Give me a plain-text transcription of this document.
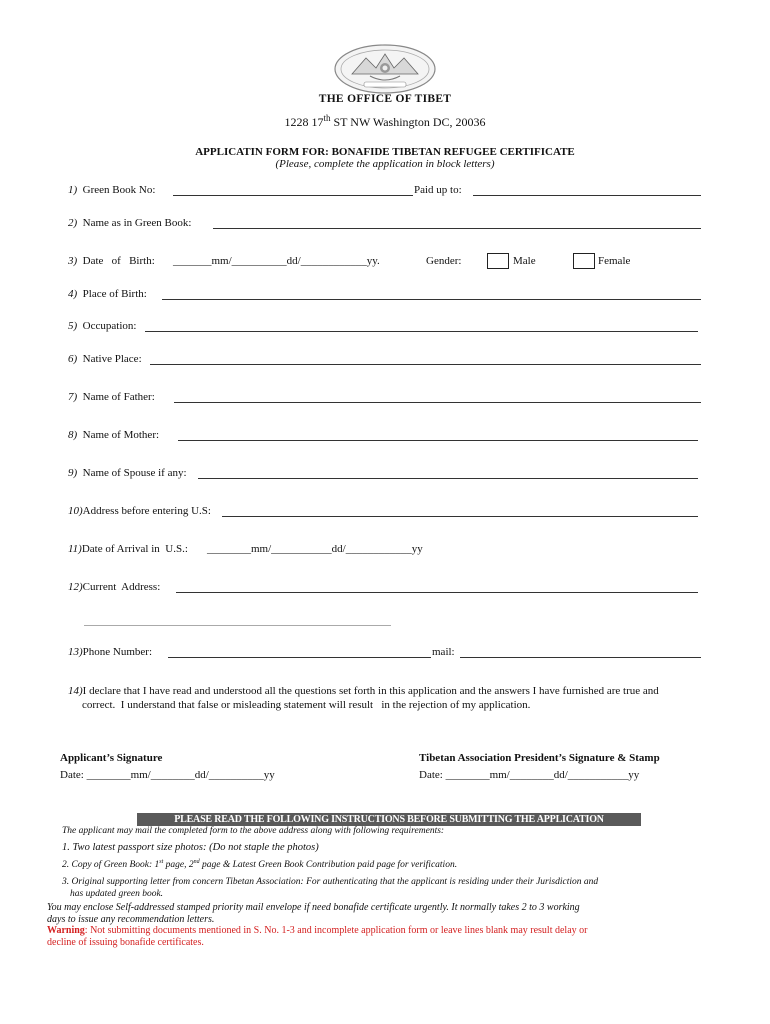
THE OFFICE OF TIBET
1228 17th ST NW Washington DC, 20036
APPLICATIN FORM FOR: BONAFIDE TIBETAN REFUGEE CERTIFICATE
(Please, complete the application in block letters)
1) Green Book No:	Paid up to:
2) Name as in Green Book:
3) Date   of   Birth: _______mm/__________dd/____________yy.	Gender:	Male	Female
4) Place of Birth:
5) Occupation:
6) Native Place:
7) Name of Father:
8) Name of Mother:
9) Name of Spouse if any:
10)Address before entering U.S:
11)Date of Arrival in  U.S.: ________mm/___________dd/____________yy
12)Current  Address:
13)Phone Number:	mail:
14)I declare that I have read and understood all the questions set forth in this application and the answers I have furnished are true and
correct.  I understand that false or misleading statement will result   in the rejection of my application.
Applicant’s Signature
Date: ________mm/________dd/__________yy
Tibetan Association President’s Signature & Stamp
Date: ________mm/________dd/___________yy
PLEASE READ THE FOLLOWING INSTRUCTIONS BEFORE SUBMITTING THE APPLICATION
The applicant may mail the completed form to the above address along with following requirements:
1. Two latest passport size photos: (Do not staple the photos)
2. Copy of Green Book: 1st page, 2nd page & Latest Green Book Contribution paid page for verification.
3. Original supporting letter from concern Tibetan Association: For authenticating that the applicant is residing under their Jurisdiction and
has updated green book.
You may enclose Self-addressed stamped priority mail envelope if need bonafide certificate urgently. It normally takes 2 to 3 working
days to issue any recommendation letters.
Warning: Not submitting documents mentioned in S. No. 1-3 and incomplete application form or leave lines blank may result delay or
decline of issuing bonafide certificates.
